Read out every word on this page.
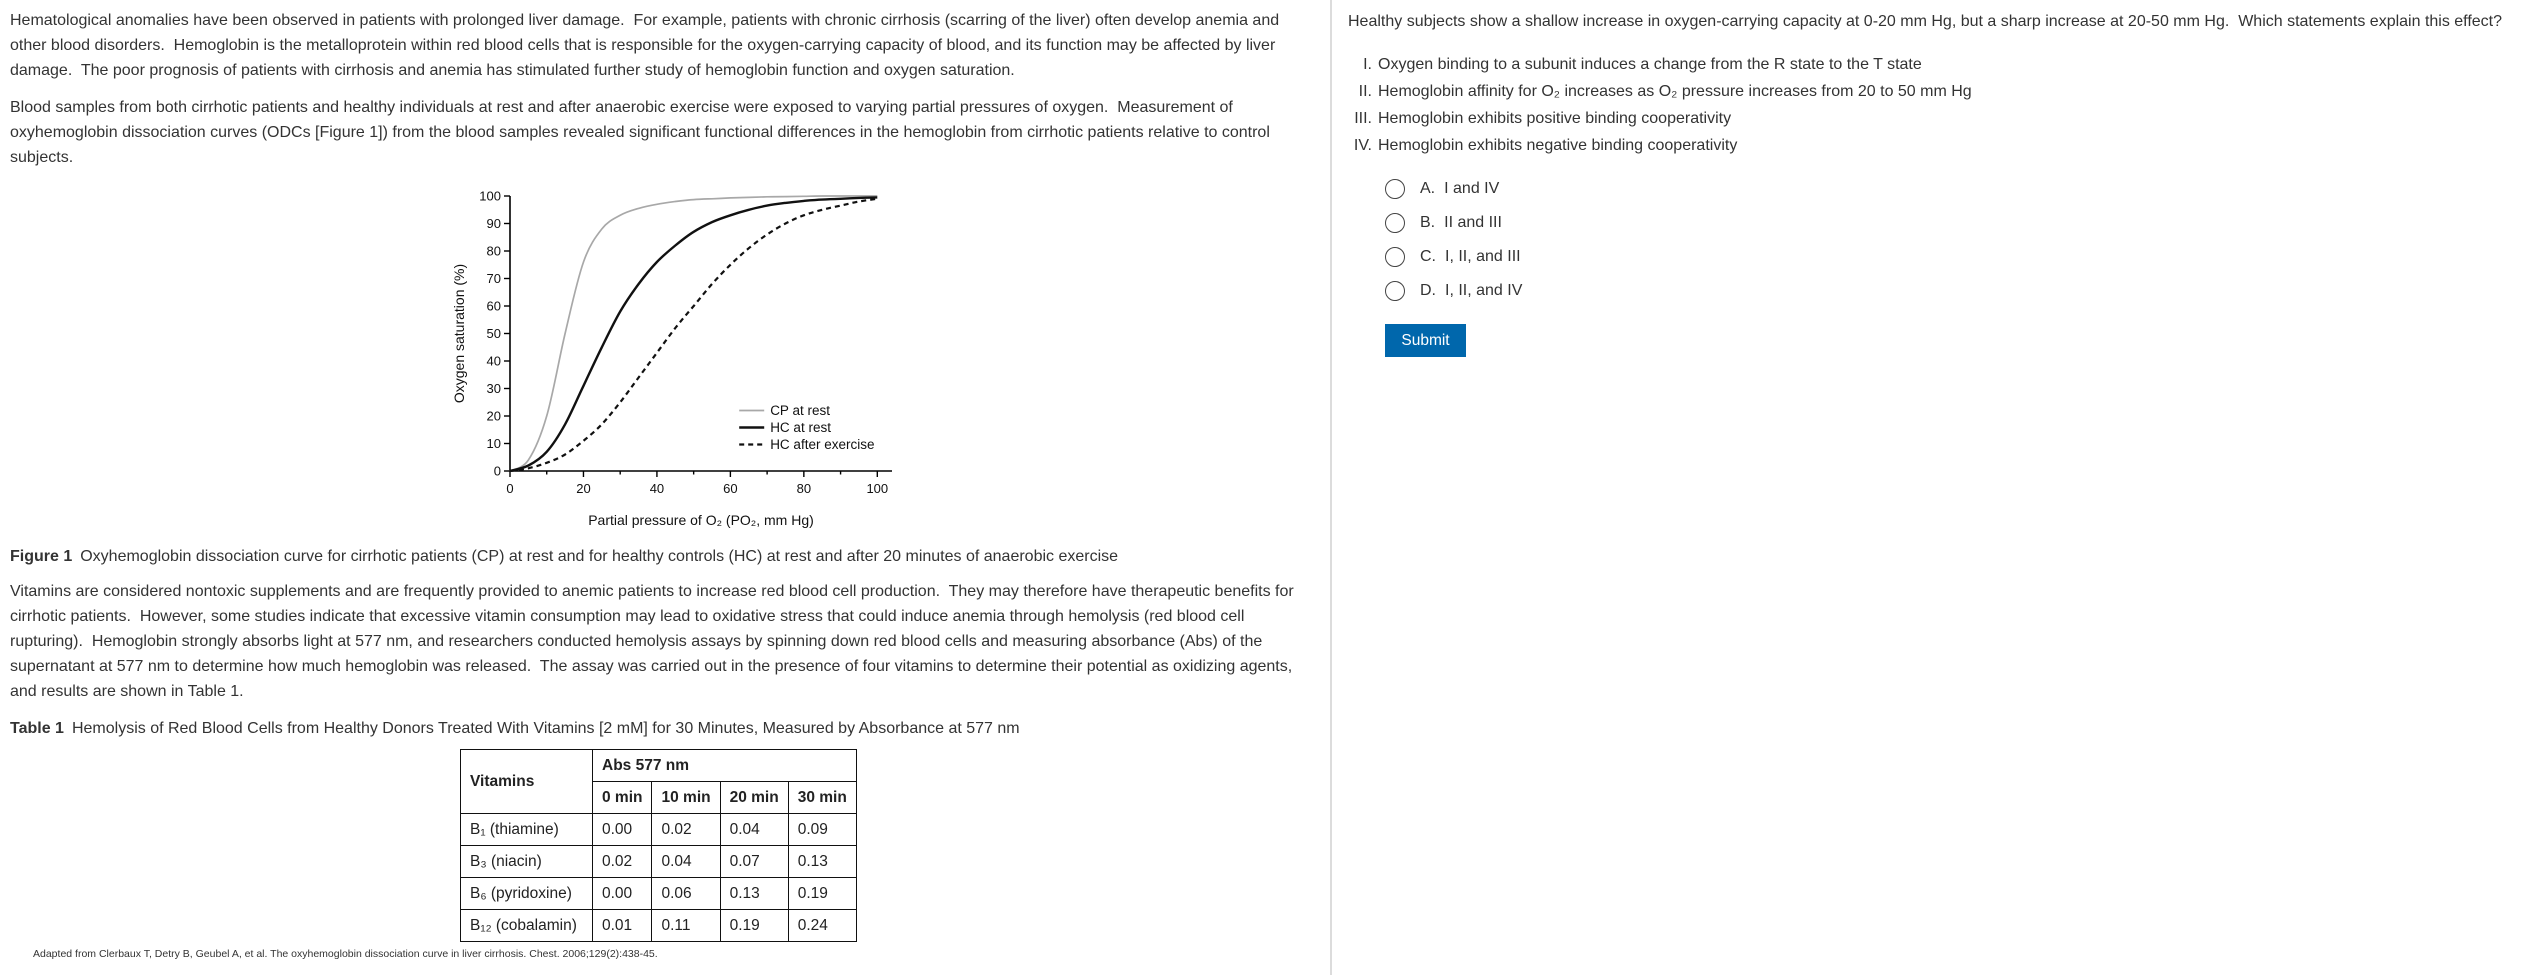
Hematological anomalies have been observed in patients with prolonged liver damage.  For example, patients with chronic cirrhosis (scarring of the liver) often develop anemia and other blood disorders.  Hemoglobin is the metalloprotein within red blood cells that is responsible for the oxygen-carrying capacity of blood, and its function may be affected by liver damage.  The poor prognosis of patients with cirrhosis and anemia has stimulated further study of hemoglobin function and oxygen saturation.

Blood samples from both cirrhotic patients and healthy individuals at rest and after anaerobic exercise were exposed to varying partial pressures of oxygen.  Measurement of oxyhemoglobin dissociation curves (ODCs [Figure 1]) from the blood samples revealed significant functional differences in the hemoglobin from cirrhotic patients relative to control subjects.

0
10
20
30
40
50
60
70
80
90
100
0	20	40	60	80	100
Partial pressure of O₂ (PO₂, mm Hg)
Oxygen saturation (%)
CP at rest
HC at rest
HC after exercise
Figure 1 Oxyhemoglobin dissociation curve for cirrhotic patients (CP) at rest and for healthy controls (HC) at rest and after 20 minutes of anaerobic exercise

Vitamins are considered nontoxic supplements and are frequently provided to anemic patients to increase red blood cell production.  They may therefore have therapeutic benefits for cirrhotic patients.  However, some studies indicate that excessive vitamin consumption may lead to oxidative stress that could induce anemia through hemolysis (red blood cell rupturing).  Hemoglobin strongly absorbs light at 577 nm, and researchers conducted hemolysis assays by spinning down red blood cells and measuring absorbance (Abs) of the supernatant at 577 nm to determine how much hemoglobin was released.  The assay was carried out in the presence of four vitamins to determine their potential as oxidizing agents, and results are shown in Table 1.

Table 1 Hemolysis of Red Blood Cells from Healthy Donors Treated With Vitamins [2 mM] for 30 Minutes, Measured by Absorbance at 577 nm
Vitamins	Abs 577 nm			
	0 min	10 min	20 min	30 min
B₁ (thiamine)	0.00	0.02	0.04	0.09
B₃ (niacin)	0.02	0.04	0.07	0.13
B₆ (pyridoxine)	0.00	0.06	0.13	0.19
B₁₂ (cobalamin)	0.01	0.11	0.19	0.24
Adapted from Clerbaux T, Detry B, Geubel A, et al. The oxyhemoglobin dissociation curve in liver cirrhosis. Chest. 2006;129(2):438-45.
Healthy subjects show a shallow increase in oxygen-carrying capacity at 0-20 mm Hg, but a sharp increase at 20-50 mm Hg.  Which statements explain this effect?
I. Oxygen binding to a subunit induces a change from the R state to the T state
II. Hemoglobin affinity for O₂ increases as O₂ pressure increases from 20 to 50 mm Hg
III. Hemoglobin exhibits positive binding cooperativity
IV. Hemoglobin exhibits negative binding cooperativity
A. I and IV
B. II and III
C. I, II, and III
D. I, II, and IV
Submit
